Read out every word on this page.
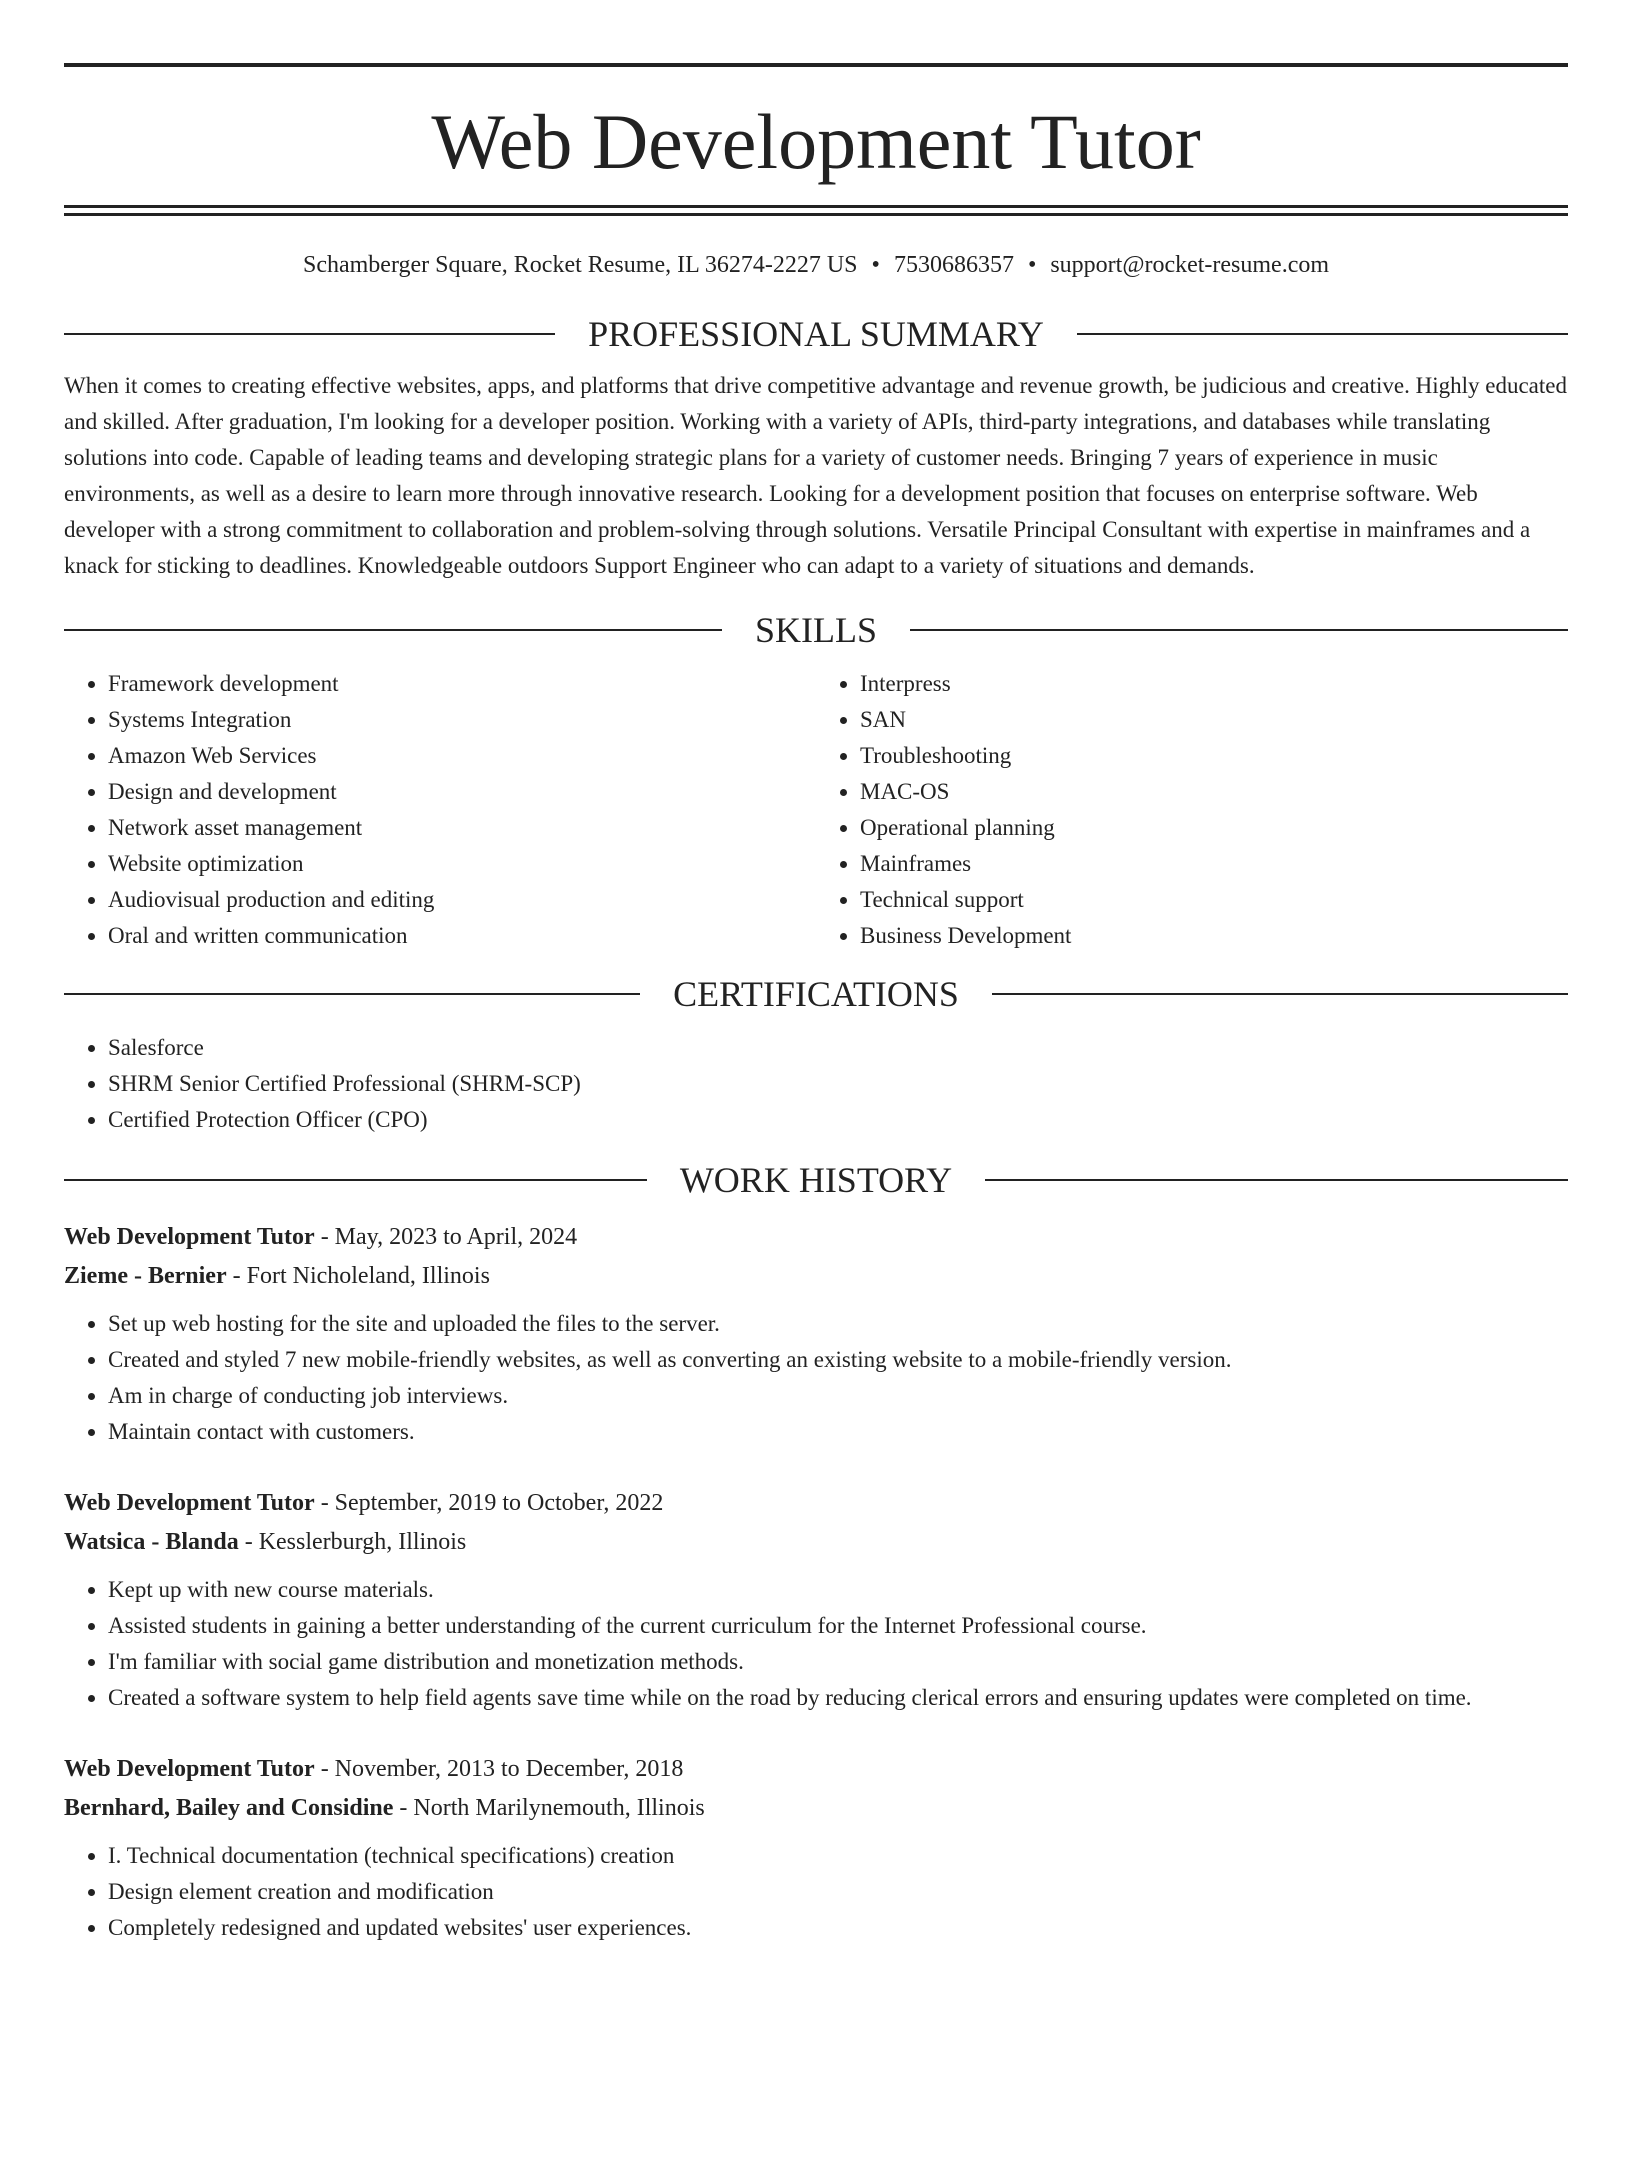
Web Development Tutor
Schamberger Square, Rocket Resume, IL 36274-2227 US • 7530686357 • support@rocket-resume.com
PROFESSIONAL SUMMARY

When it comes to creating effective websites, apps, and platforms that drive competitive advantage and revenue growth, be judicious and creative. Highly educated and skilled. After graduation, I'm looking for a developer position. Working with a variety of APIs, third-party integrations, and databases while translating solutions into code. Capable of leading teams and developing strategic plans for a variety of customer needs. Bringing 7 years of experience in music environments, as well as a desire to learn more through innovative research. Looking for a development position that focuses on enterprise software. Web developer with a strong commitment to collaboration and problem-solving through solutions. Versatile Principal Consultant with expertise in mainframes and a knack for sticking to deadlines. Knowledgeable outdoors Support Engineer who can adapt to a variety of situations and demands.

SKILLS
• Framework development
• Systems Integration
• Amazon Web Services
• Design and development
• Network asset management
• Website optimization
• Audiovisual production and editing
• Oral and written communication
• Interpress
• SAN
• Troubleshooting
• MAC-OS
• Operational planning
• Mainframes
• Technical support
• Business Development
CERTIFICATIONS
• Salesforce
• SHRM Senior Certified Professional (SHRM-SCP)
• Certified Protection Officer (CPO)
WORK HISTORY
Web Development Tutor - May, 2023 to April, 2024
Zieme - Bernier - Fort Nicholeland, Illinois
• Set up web hosting for the site and uploaded the files to the server.
• Created and styled 7 new mobile-friendly websites, as well as converting an existing website to a mobile-friendly version.
• Am in charge of conducting job interviews.
• Maintain contact with customers.
Web Development Tutor - September, 2019 to October, 2022
Watsica - Blanda - Kesslerburgh, Illinois
• Kept up with new course materials.
• Assisted students in gaining a better understanding of the current curriculum for the Internet Professional course.
• I'm familiar with social game distribution and monetization methods.
• Created a software system to help field agents save time while on the road by reducing clerical errors and ensuring updates were completed on time.
Web Development Tutor - November, 2013 to December, 2018
Bernhard, Bailey and Considine - North Marilynemouth, Illinois
• I. Technical documentation (technical specifications) creation
• Design element creation and modification
• Completely redesigned and updated websites' user experiences.
